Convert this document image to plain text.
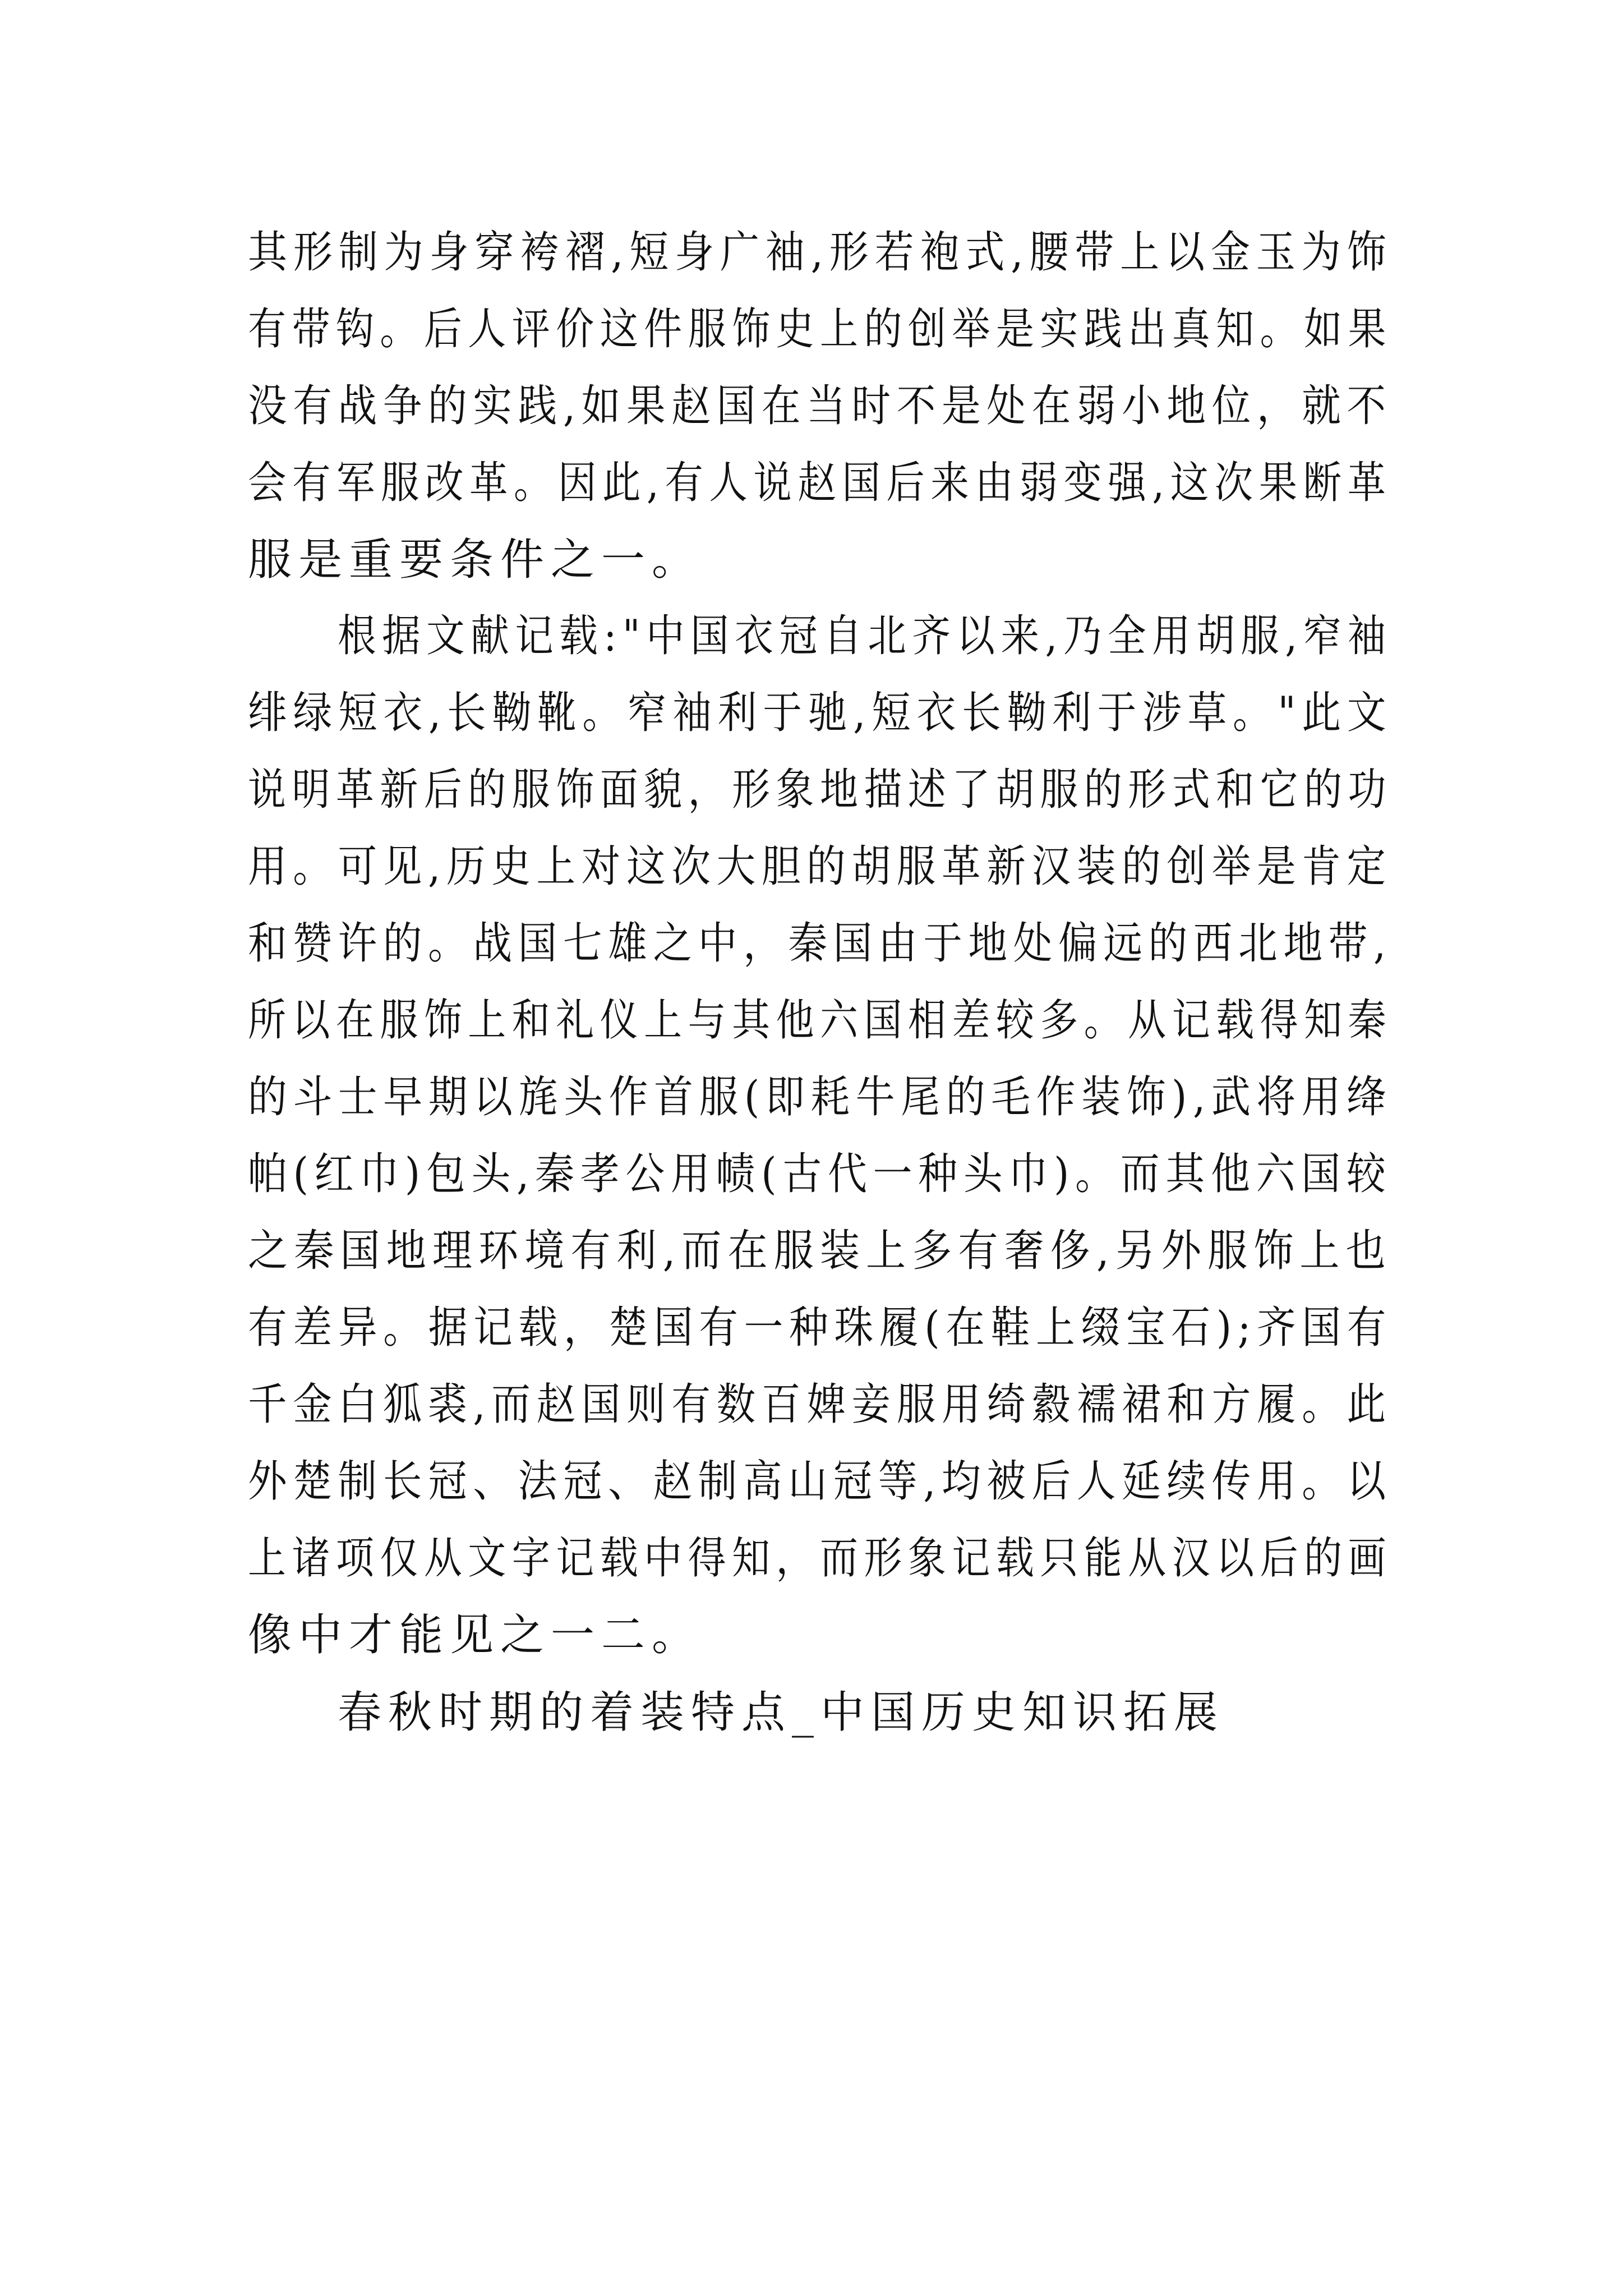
其形制为身穿袴褶,短身广袖,形若袍式,腰带上以金玉为饰
有带钩。后人评价这件服饰史上的创举是实践出真知。如果
没有战争的实践,如果赵国在当时不是处在弱小地位，就不
会有军服改革。因此,有人说赵国后来由弱变强,这次果断革
服是重要条件之一。
根据文献记载:"中国衣冠自北齐以来,乃全用胡服,窄袖
绯绿短衣,长靿靴。窄袖利于驰,短衣长靿利于涉草。"此文
说明革新后的服饰面貌，形象地描述了胡服的形式和它的功
用。可见,历史上对这次大胆的胡服革新汉装的创举是肯定
和赞许的。战国七雄之中，秦国由于地处偏远的西北地带,
所以在服饰上和礼仪上与其他六国相差较多。从记载得知秦
的斗士早期以旄头作首服(即耗牛尾的毛作装饰),武将用绛
帕(红巾)包头,秦孝公用帻(古代一种头巾)。而其他六国较
之秦国地理环境有利,而在服装上多有奢侈,另外服饰上也
有差异。据记载，楚国有一种珠履(在鞋上缀宝石);齐国有
千金白狐裘,而赵国则有数百婢妾服用绮縠襦裙和方履。此
外楚制长冠、法冠、赵制高山冠等,均被后人延续传用。以
上诸项仅从文字记载中得知，而形象记载只能从汉以后的画
像中才能见之一二。
春秋时期的着装特点_中国历史知识拓展
